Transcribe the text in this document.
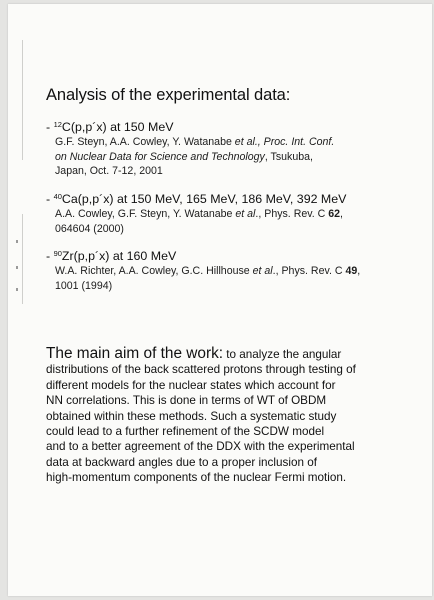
Analysis of the experimental data:
- $^{12}$C(p,p´x) at 150 MeV
G.F. Steyn, A.A. Cowley, Y. Watanabe et al., Proc. Int. Conf.
on Nuclear Data for Science and Technology, Tsukuba,
Japan, Oct. 7-12, 2001
- $^{40}$Ca(p,p´x) at 150 MeV, 165 MeV, 186 MeV, 392 MeV
A.A. Cowley, G.F. Steyn, Y. Watanabe et al., Phys. Rev. C 62,
064604 (2000)
- $^{90}$Zr(p,p´x) at 160 MeV
W.A. Richter, A.A. Cowley, G.C. Hillhouse et al., Phys. Rev. C 49,
1001 (1994)
The main aim of the work: to analyze the angular
distributions of the back scattered protons through testing of
different models for the nuclear states which account for
NN correlations. This is done in terms of WT of OBDM
obtained within these methods. Such a systematic study
could lead to a further refinement of the SCDW model
and to a better agreement of the DDX with the experimental
data at backward angles due to a proper inclusion of
high-momentum components of the nuclear Fermi motion.
